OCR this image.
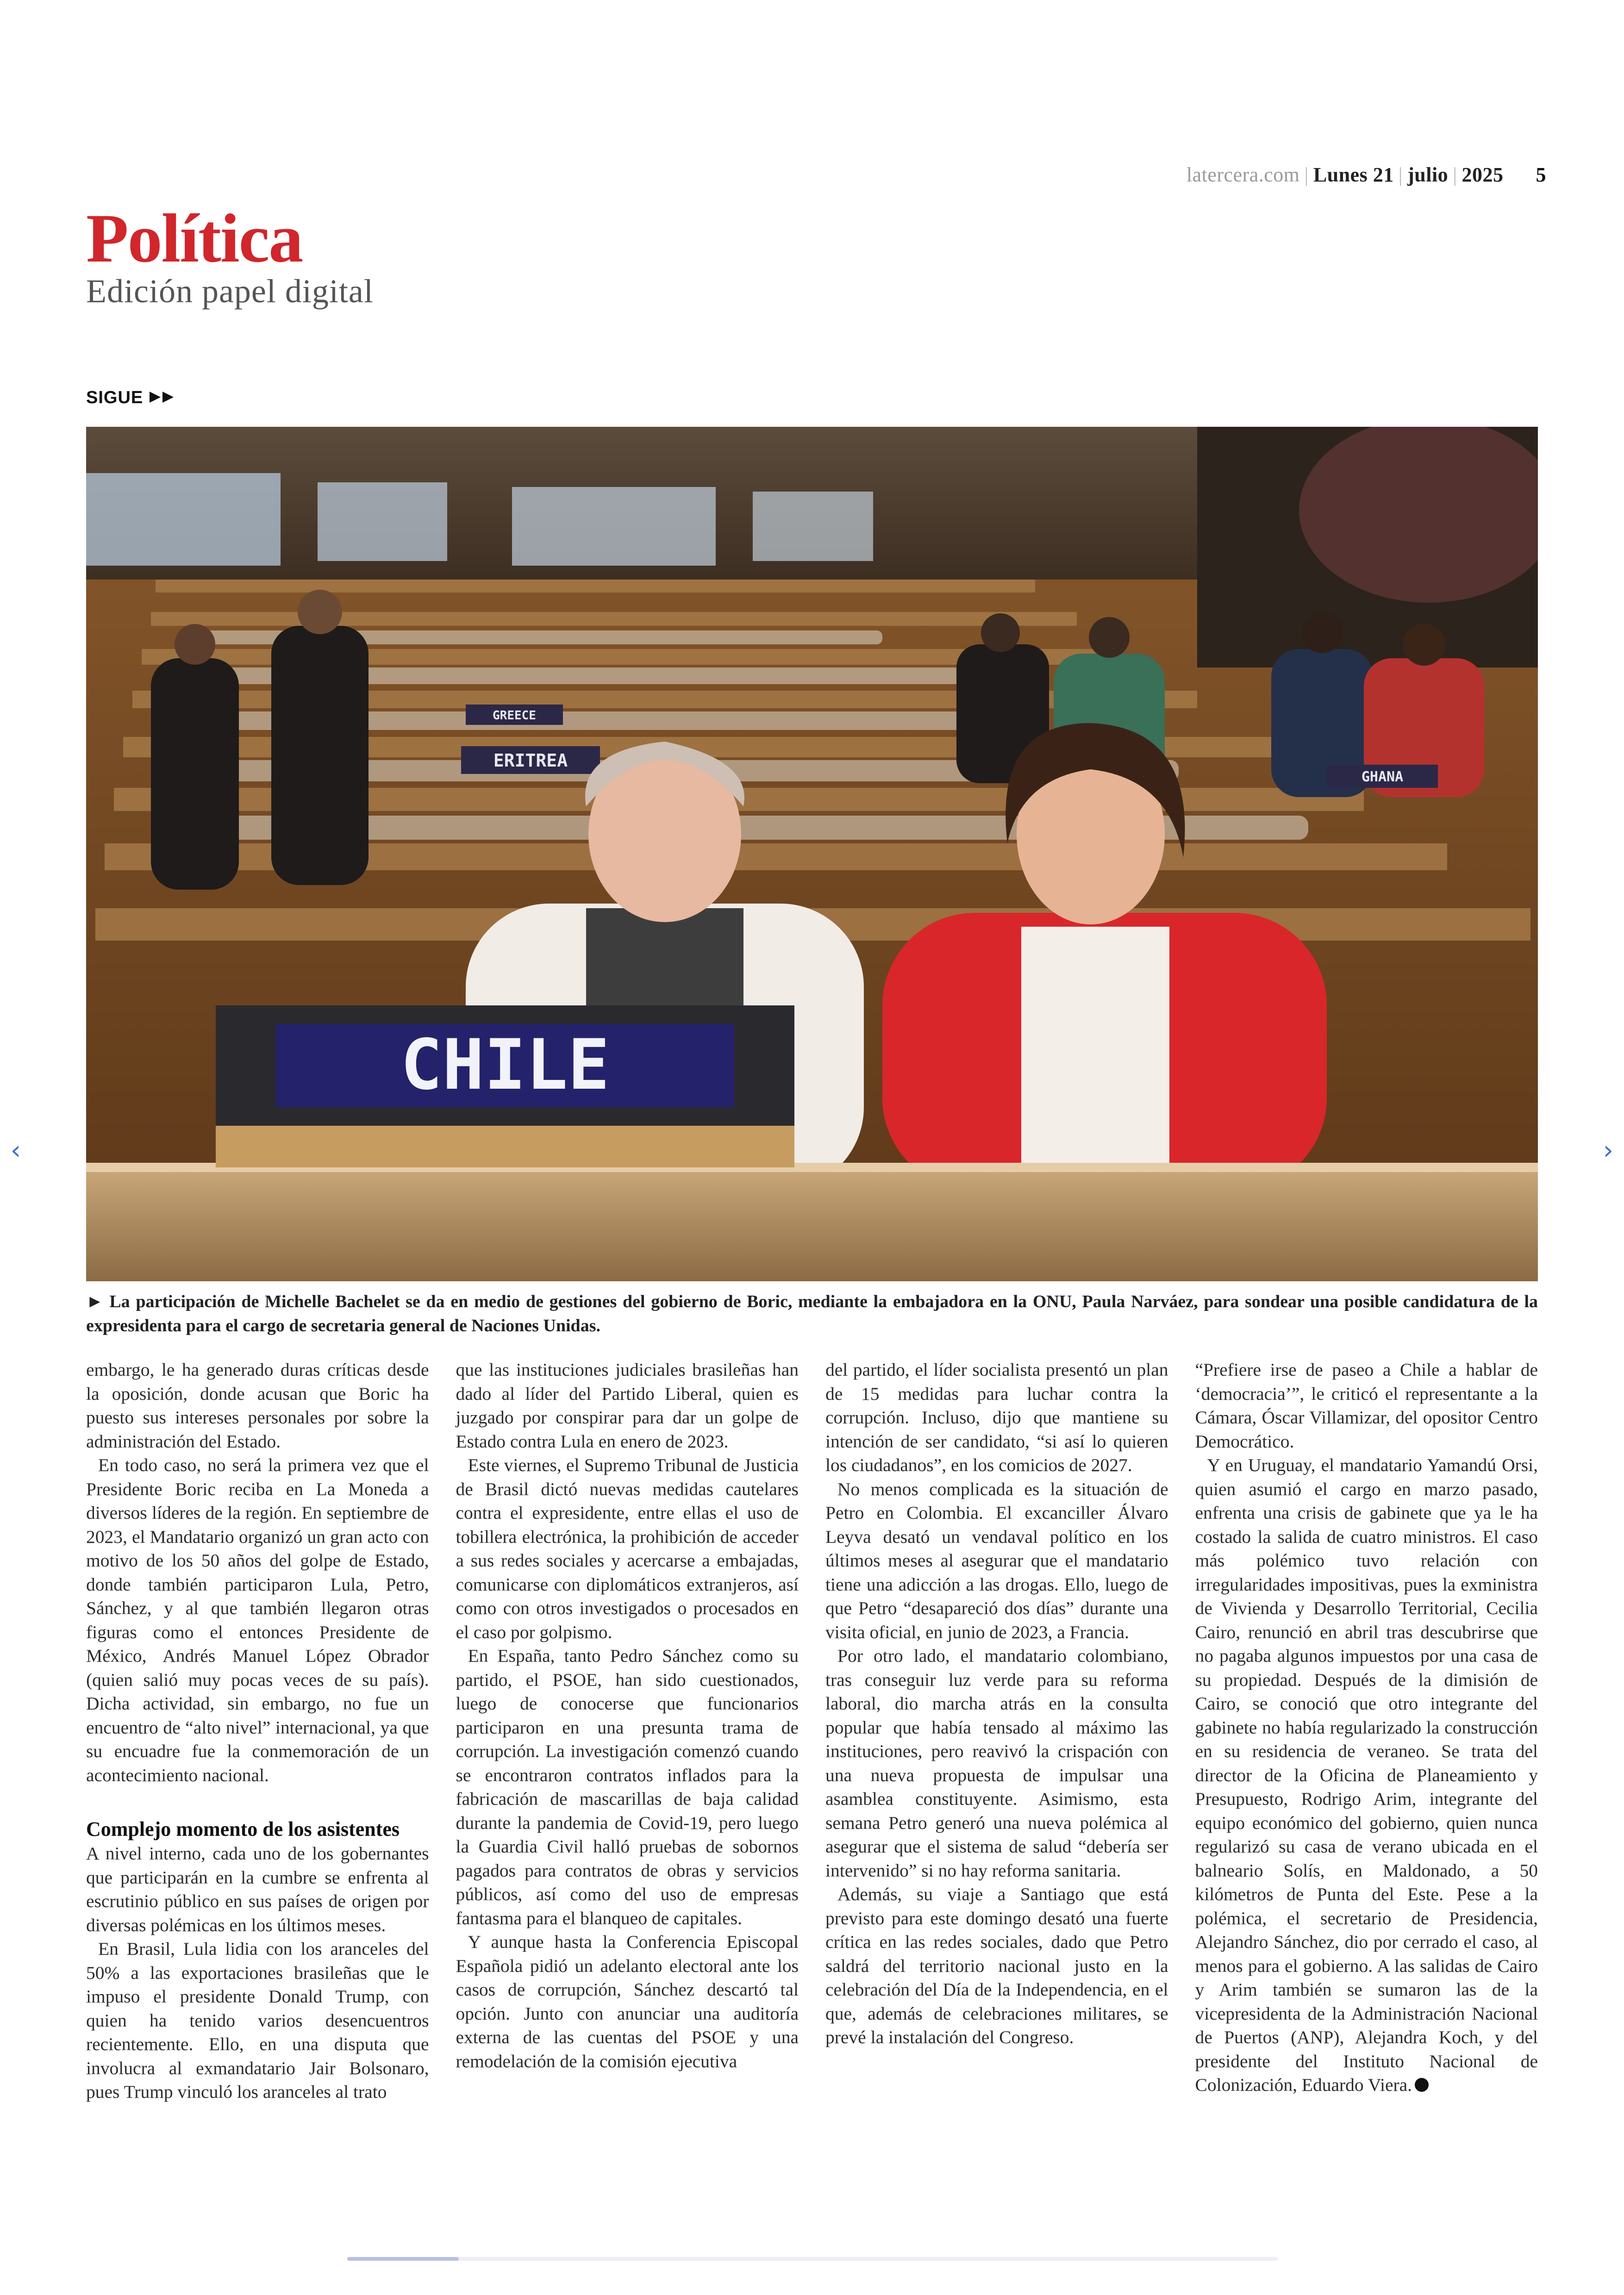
latercera.com | Lunes 21 | julio | 2025 5
Política
Edición papel digital
SIGUE
ERITREA
GREECE
GHANA
CHILE
► La participación de Michelle Bachelet se da en medio de gestiones del gobierno de Boric, mediante la embajadora en la ONU, Paula Narváez, para sondear una posible candidatura de la expresidenta para el cargo de secretaria general de Naciones Unidas.

embargo, le ha generado duras críticas desde la oposición, donde acusan que Boric ha puesto sus intereses personales por sobre la administración del Estado.

En todo caso, no será la primera vez que el Presidente Boric reciba en La Moneda a diversos líderes de la región. En septiembre de 2023, el Mandatario organizó un gran acto con motivo de los 50 años del golpe de Estado, donde también participaron Lula, Petro, Sánchez, y al que también llegaron otras figuras como el entonces Presidente de México, Andrés Manuel López Obrador (quien salió muy pocas veces de su país). Dicha actividad, sin embargo, no fue un encuentro de “alto nivel” internacional, ya que su encuadre fue la conmemoración de un acontecimiento nacional.

Complejo momento de los asistentes

A nivel interno, cada uno de los gobernantes que participarán en la cumbre se enfrenta al escrutinio público en sus países de origen por diversas polémicas en los últimos meses.

En Brasil, Lula lidia con los aranceles del 50% a las exportaciones brasileñas que le impuso el presidente Donald Trump, con quien ha tenido varios desencuentros recientemente. Ello, en una disputa que involucra al exmandatario Jair Bolsonaro, pues Trump vinculó los aranceles al trato

que las instituciones judiciales brasileñas han dado al líder del Partido Liberal, quien es juzgado por conspirar para dar un golpe de Estado contra Lula en enero de 2023.

Este viernes, el Supremo Tribunal de Justicia de Brasil dictó nuevas medidas cautelares contra el expresidente, entre ellas el uso de tobillera electrónica, la prohibición de acceder a sus redes sociales y acercarse a embajadas, comunicarse con diplomáticos extranjeros, así como con otros investigados o procesados en el caso por golpismo.

En España, tanto Pedro Sánchez como su partido, el PSOE, han sido cuestionados, luego de conocerse que funcionarios participaron en una presunta trama de corrupción. La investigación comenzó cuando se encontraron contratos inflados para la fabricación de mascarillas de baja calidad durante la pandemia de Covid-19, pero luego la Guardia Civil halló pruebas de sobornos pagados para contratos de obras y servicios públicos, así como del uso de empresas fantasma para el blanqueo de capitales.

Y aunque hasta la Conferencia Episcopal Española pidió un adelanto electoral ante los casos de corrupción, Sánchez descartó tal opción. Junto con anunciar una auditoría externa de las cuentas del PSOE y una remodelación de la comisión ejecutiva

del partido, el líder socialista presentó un plan de 15 medidas para luchar contra la corrupción. Incluso, dijo que mantiene su intención de ser candidato, “si así lo quieren los ciudadanos”, en los comicios de 2027.

No menos complicada es la situación de Petro en Colombia. El excanciller Álvaro Leyva desató un vendaval político en los últimos meses al asegurar que el mandatario tiene una adicción a las drogas. Ello, luego de que Petro “desapareció dos días” durante una visita oficial, en junio de 2023, a Francia.

Por otro lado, el mandatario colombiano, tras conseguir luz verde para su reforma laboral, dio marcha atrás en la consulta popular que había tensado al máximo las instituciones, pero reavivó la crispación con una nueva propuesta de impulsar una asamblea constituyente. Asimismo, esta semana Petro generó una nueva polémica al asegurar que el sistema de salud “debería ser intervenido” si no hay reforma sanitaria.

Además, su viaje a Santiago que está previsto para este domingo desató una fuerte crítica en las redes sociales, dado que Petro saldrá del territorio nacional justo en la celebración del Día de la Independencia, en el que, además de celebraciones militares, se prevé la instalación del Congreso.

“Prefiere irse de paseo a Chile a hablar de ‘democracia’”, le criticó el representante a la Cámara, Óscar Villamizar, del opositor Centro Democrático.

Y en Uruguay, el mandatario Yamandú Orsi, quien asumió el cargo en marzo pasado, enfrenta una crisis de gabinete que ya le ha costado la salida de cuatro ministros. El caso más polémico tuvo relación con irregularidades impositivas, pues la exministra de Vivienda y Desarrollo Territorial, Cecilia Cairo, renunció en abril tras descubrirse que no pagaba algunos impuestos por una casa de su propiedad. Después de la dimisión de Cairo, se conoció que otro integrante del gabinete no había regularizado la construcción en su residencia de veraneo. Se trata del director de la Oficina de Planeamiento y Presupuesto, Rodrigo Arim, integrante del equipo económico del gobierno, quien nunca regularizó su casa de verano ubicada en el balneario Solís, en Maldonado, a 50 kilómetros de Punta del Este. Pese a la polémica, el secretario de Presidencia, Alejandro Sánchez, dio por cerrado el caso, al menos para el gobierno. A las salidas de Cairo y Arim también se sumaron las de la vicepresidenta de la Administración Nacional de Puertos (ANP), Alejandra Koch, y del presidente del Instituto Nacional de Colonización, Eduardo Viera.

‹	›
